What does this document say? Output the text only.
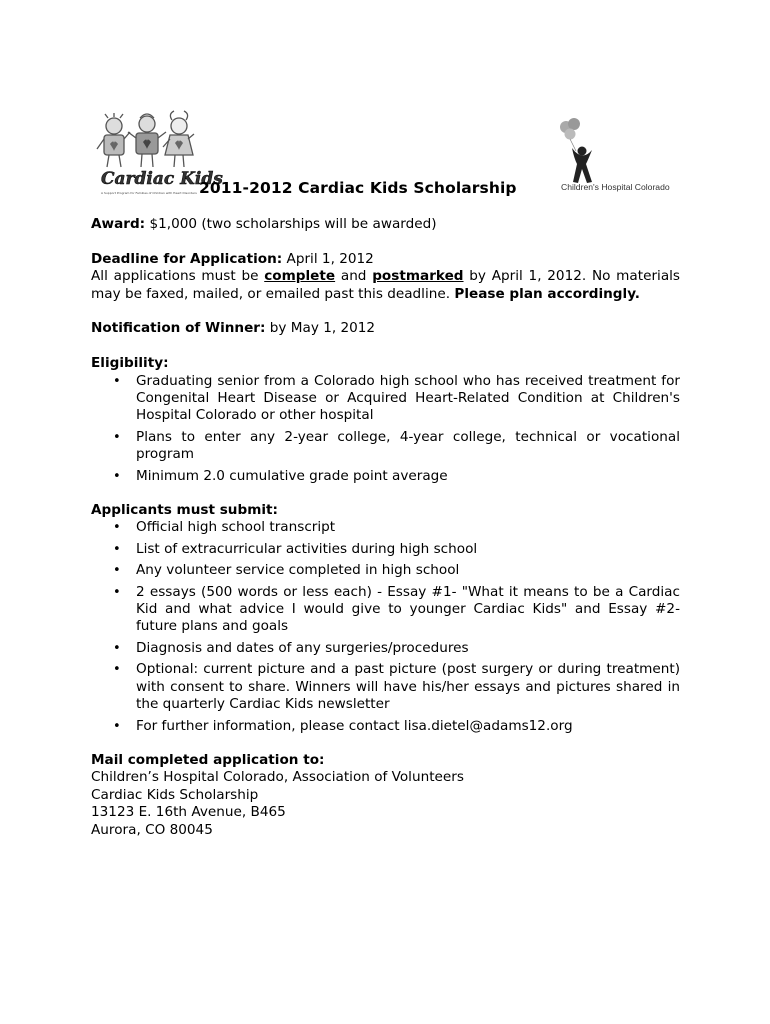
Cardiac Kids
A Support Program for Families of Children with Heart Disorders
Children's Hospital Colorado
2011-2012 Cardiac Kids Scholarship

Award: $1,000 (two scholarships will be awarded)

Deadline for Application: April 1, 2012

All applications must be complete and postmarked by April 1, 2012. No materials may be faxed, mailed, or emailed past this deadline. Please plan accordingly.

Notification of Winner: by May 1, 2012

Eligibility:

• Graduating senior from a Colorado high school who has received treatment for Congenital Heart Disease or Acquired Heart-Related Condition at Children's Hospital Colorado or other hospital
• Plans to enter any 2-year college, 4-year college, technical or vocational program
• Minimum 2.0 cumulative grade point average

Applicants must submit:

• Official high school transcript
• List of extracurricular activities during high school
• Any volunteer service completed in high school
• 2 essays (500 words or less each) - Essay #1- "What it means to be a Cardiac Kid and what advice I would give to younger Cardiac Kids" and Essay #2- future plans and goals
• Diagnosis and dates of any surgeries/procedures
• Optional: current picture and a past picture (post surgery or during treatment) with consent to share. Winners will have his/her essays and pictures shared in the quarterly Cardiac Kids newsletter
• For further information, please contact lisa.dietel@adams12.org

Mail completed application to:

Children’s Hospital Colorado, Association of Volunteers

Cardiac Kids Scholarship

13123 E. 16th Avenue, B465

Aurora, CO 80045
